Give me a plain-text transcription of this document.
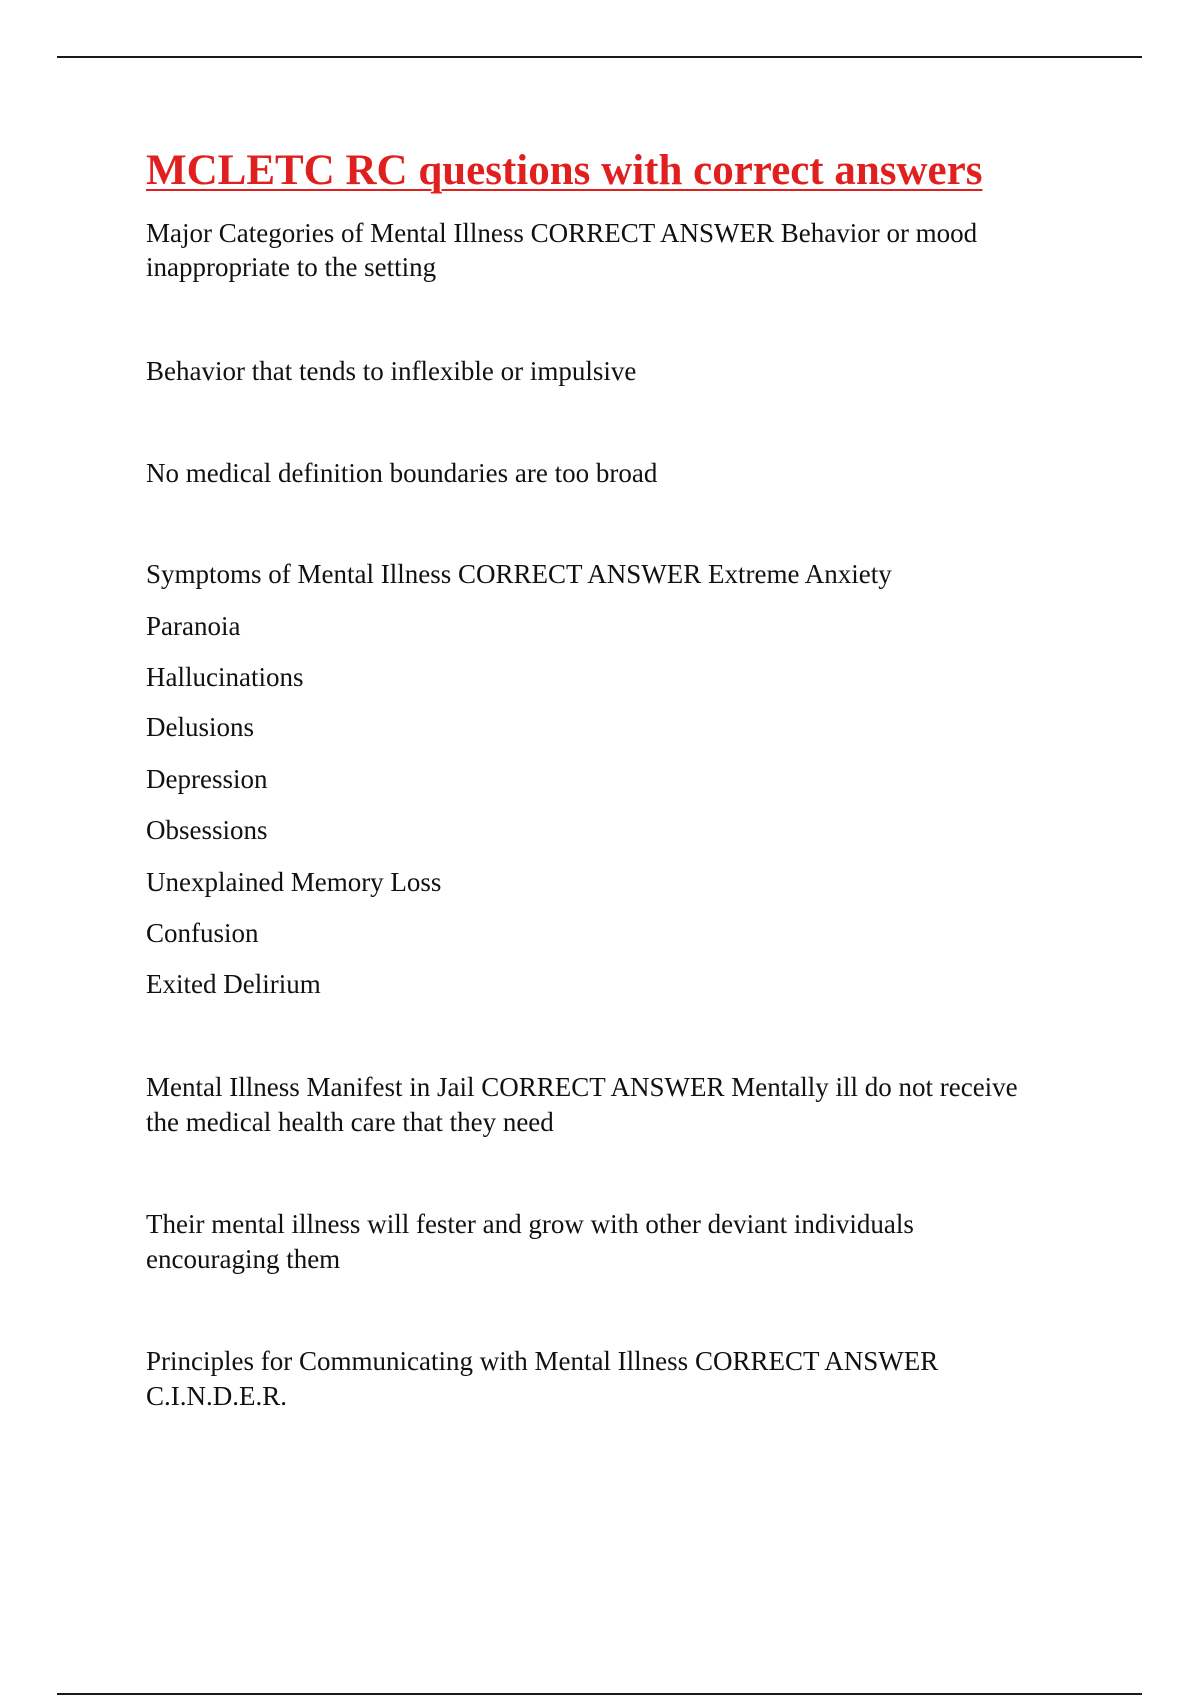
MCLETC RC questions with correct answers

Major Categories of Mental Illness CORRECT ANSWER Behavior or mood

inappropriate to the setting

Behavior that tends to inflexible or impulsive

No medical definition boundaries are too broad

Symptoms of Mental Illness CORRECT ANSWER Extreme Anxiety

Paranoia

Hallucinations

Delusions

Depression

Obsessions

Unexplained Memory Loss

Confusion

Exited Delirium

Mental Illness Manifest in Jail CORRECT ANSWER Mentally ill do not receive

the medical health care that they need

Their mental illness will fester and grow with other deviant individuals

encouraging them

Principles for Communicating with Mental Illness CORRECT ANSWER

C.I.N.D.E.R.
